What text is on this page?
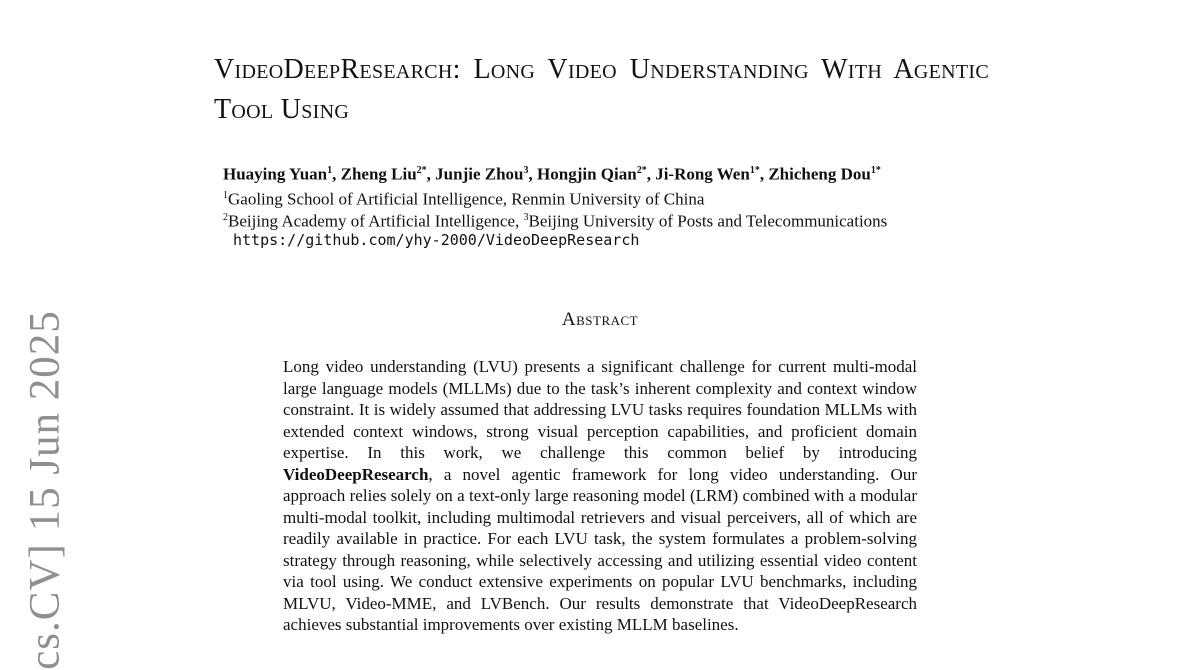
cs.CV] 15 Jun 2025
VideoDeepResearch: Long Video Understanding With Agentic Tool Using
Huaying Yuan$^1$, Zheng Liu$^{2*}$, Junjie Zhou$^3$, Hongjin Qian$^{2*}$, Ji-Rong Wen$^{1*}$, Zhicheng Dou$^{1*}$
$^1$Gaoling School of Artificial Intelligence, Renmin University of China
$^2$Beijing Academy of Artificial Intelligence, $^3$Beijing University of Posts and Telecommunications
https://github.com/yhy-2000/VideoDeepResearch
Abstract

Long video understanding (LVU) presents a significant challenge for current multi-modal large language models (MLLMs) due to the task’s inherent complexity and context window constraint. It is widely assumed that addressing LVU tasks requires foundation MLLMs with extended context windows, strong visual perception capabilities, and proficient domain expertise. In this work, we challenge this common belief by introducing VideoDeepResearch, a novel agentic framework for long video understanding. Our approach relies solely on a text-only large reasoning model (LRM) combined with a modular multi-modal toolkit, including multimodal retrievers and visual perceivers, all of which are readily available in practice. For each LVU task, the system formulates a problem-solving strategy through reasoning, while selectively accessing and utilizing essential video content via tool using. We conduct extensive experiments on popular LVU benchmarks, including MLVU, Video-MME, and LVBench. Our results demonstrate that VideoDeepResearch achieves substantial improvements over existing MLLM baselines.
